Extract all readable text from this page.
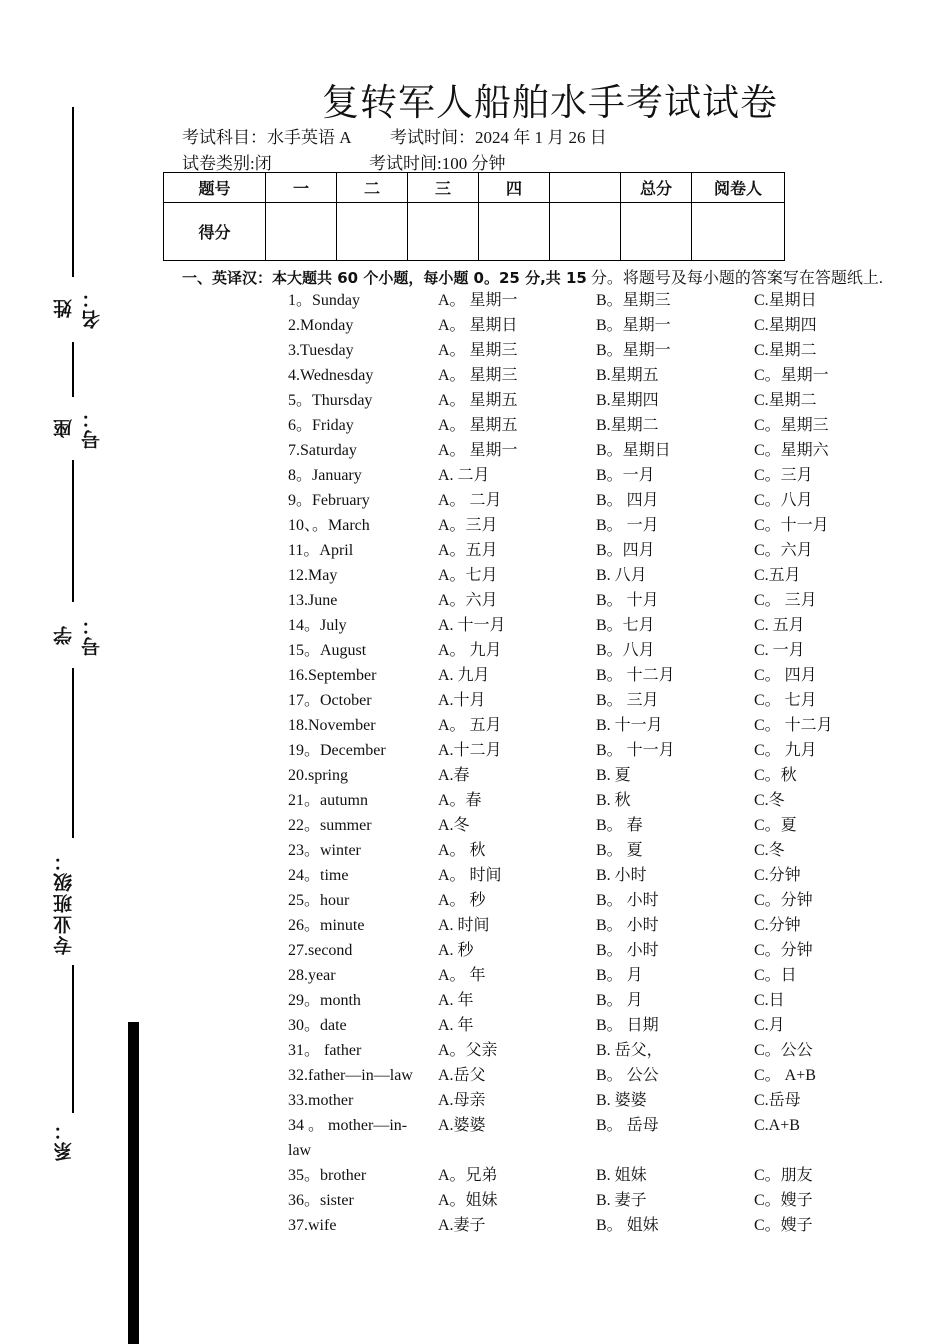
姓名：
座号：
学号：
专业班级：
系：
复转军人船舶水手考试试卷
考试科目：水手英语 A 考试时间：2024 年 1 月 26 日
试卷类别:闭	考试时间:100 分钟
题号	一	二	三	四		总分	阅卷人
得分							
一、英译汉：本大题共 60 个小题，每小题 0。25 分,共 15 分。将题号及每小题的答案写在答题纸上.
1。Sunday	A。 星期一	B。星期三	C.星期日
2.Monday	A。 星期日	B。星期一	C.星期四
3.Tuesday	A。 星期三	B。星期一	C.星期二
4.Wednesday	A。 星期三	B.星期五	C。星期一
5。Thursday	A。 星期五	B.星期四	C.星期二
6。Friday	A。 星期五	B.星期二	C。星期三
7.Saturday	A。 星期一	B。星期日	C。星期六
8。January	A. 二月	B。一月	C。三月
9。February	A。 二月	B。 四月	C。八月
10、。March	A。三月	B。 一月	C。十一月
11。April	A。五月	B。四月	C。六月
12.May	A。七月	B. 八月	C.五月
13.June	A。六月	B。 十月	C。 三月
14。July	A. 十一月	B。七月	C. 五月
15。August	A。 九月	B。八月	C. 一月
16.September	A. 九月	B。 十二月	C。 四月
17。October	A.十月	B。 三月	C。 七月
18.November	A。 五月	B. 十一月	C。 十二月
19。December	A.十二月	B。 十一月	C。 九月
20.spring	A.春	B. 夏	C。秋
21。autumn	A。春	B. 秋	C.冬
22。summer	A.冬	B。 春	C。夏
23。winter	A。 秋	B。 夏	C.冬
24。time	A。 时间	B. 小时	C.分钟
25。hour	A。 秒	B。 小时	C。分钟
26。minute	A. 时间	B。 小时	C.分钟
27.second	A. 秒	B。 小时	C。分钟
28.year	A。 年	B。 月	C。日
29。month	A. 年	B。 月	C.日
30。date	A. 年	B。 日期	C.月
31。 father	A。父亲	B. 岳父，	C。公公
32.father—in—law	A.岳父	B。 公公	C。 A+B
33.mother	A.母亲	B. 婆婆	C.岳母
34 。 mother—in-law
A.婆婆	B。 岳母	C.A+B
35。brother	A。兄弟	B. 姐妹	C。朋友
36。sister	A。姐妹	B. 妻子	C。嫂子
37.wife	A.妻子	B。 姐妹	C。嫂子
